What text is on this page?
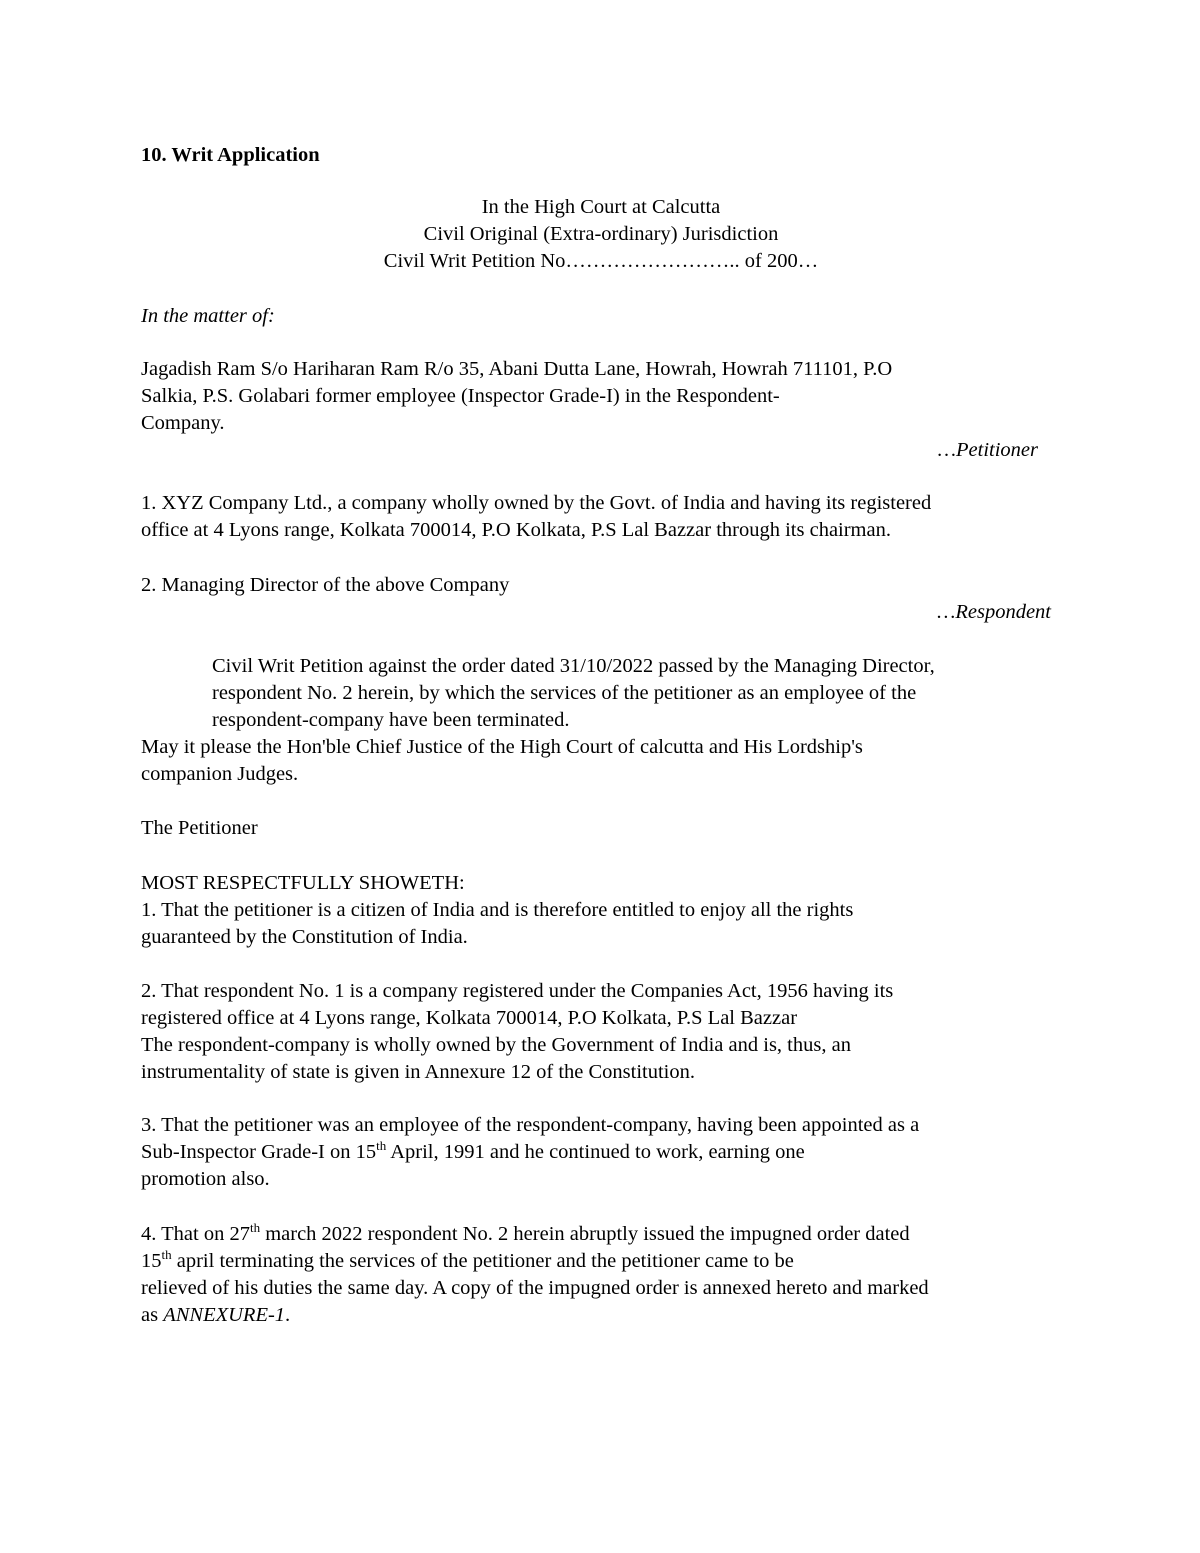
10. Writ Application
In the High Court at Calcutta
Civil Original (Extra-ordinary) Jurisdiction
Civil Writ Petition No…………………….. of 200…
In the matter of:
Jagadish Ram S/o Hariharan Ram R/o 35, Abani Dutta Lane, Howrah, Howrah 711101, P.O
Salkia, P.S. Golabari former employee (Inspector Grade-I) in the Respondent-
Company.
…Petitioner
1. XYZ Company Ltd., a company wholly owned by the Govt. of India and having its registered
office at 4 Lyons range, Kolkata 700014, P.O Kolkata, P.S Lal Bazzar through its chairman.
2. Managing Director of the above Company
…Respondent
Civil Writ Petition against the order dated 31/10/2022 passed by the Managing Director,
respondent No. 2 herein, by which the services of the petitioner as an employee of the
respondent-company have been terminated.
May it please the Hon'ble Chief Justice of the High Court of calcutta and His Lordship's
companion Judges.
The Petitioner
MOST RESPECTFULLY SHOWETH:
1. That the petitioner is a citizen of India and is therefore entitled to enjoy all the rights
guaranteed by the Constitution of India.
2. That respondent No. 1 is a company registered under the Companies Act, 1956 having its
registered office at 4 Lyons range, Kolkata 700014, P.O Kolkata, P.S Lal Bazzar
The respondent-company is wholly owned by the Government of India and is, thus, an
instrumentality of state is given in Annexure 12 of the Constitution.
3. That the petitioner was an employee of the respondent-company, having been appointed as a
Sub-Inspector Grade-I on 15th April, 1991 and he continued to work, earning one
promotion also.
4. That on 27th march 2022 respondent No. 2 herein abruptly issued the impugned order dated
15th april terminating the services of the petitioner and the petitioner came to be
relieved of his duties the same day. A copy of the impugned order is annexed hereto and marked
as ANNEXURE-1.
